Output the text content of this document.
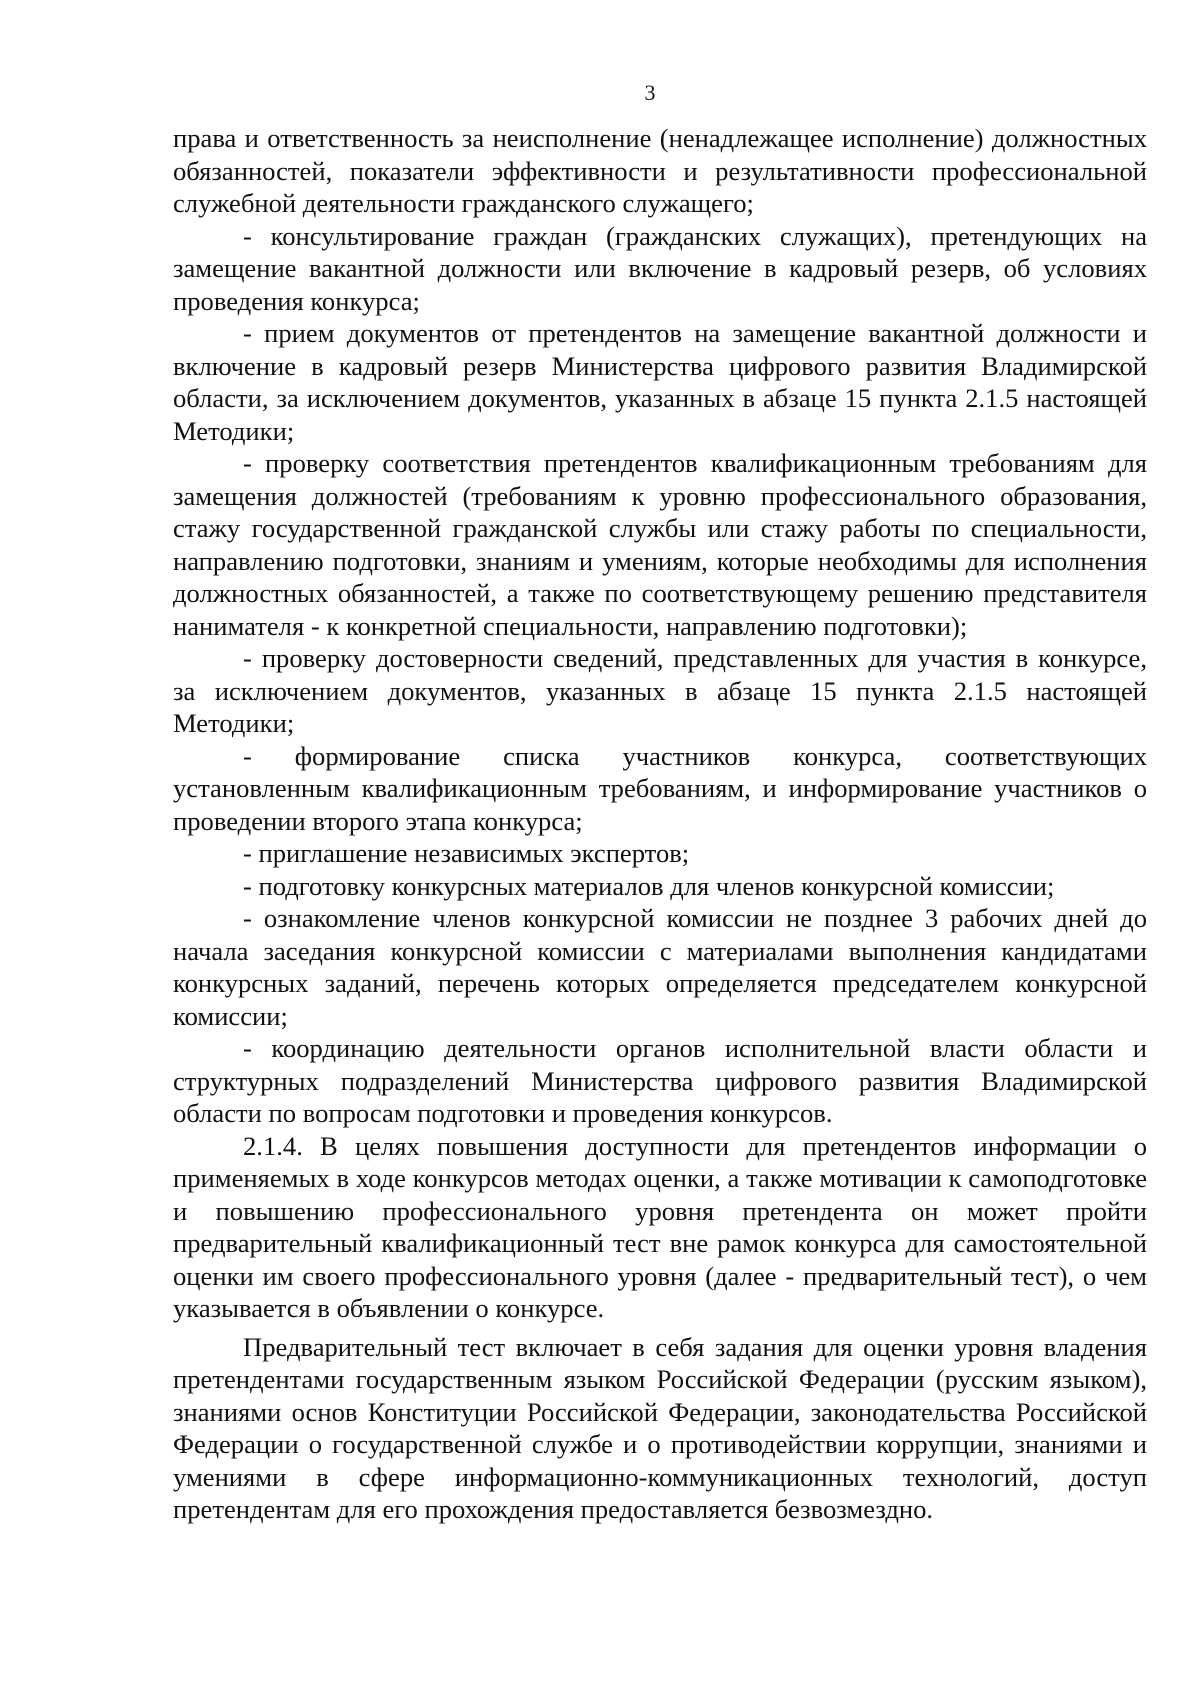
3

права и ответственность за неисполнение (ненадлежащее исполнение) должностных обязанностей, показатели эффективности и результативности профессиональной служебной деятельности гражданского служащего;

- консультирование граждан (гражданских служащих), претендующих на замещение вакантной должности или включение в кадровый резерв, об условиях проведения конкурса;

- прием документов от претендентов на замещение вакантной должности и включение в кадровый резерв Министерства цифрового развития Владимирской области, за исключением документов, указанных в абзаце 15 пункта 2.1.5 настоящей Методики;

- проверку соответствия претендентов квалификационным требованиям для замещения должностей (требованиям к уровню профессионального образования, стажу государственной гражданской службы или стажу работы по специальности, направлению подготовки, знаниям и умениям, которые необходимы для исполнения должностных обязанностей, а также по соответствующему решению представителя нанимателя - к конкретной специальности, направлению подготовки);

- проверку достоверности сведений, представленных для участия в конкурсе, за исключением документов, указанных в абзаце 15 пункта 2.1.5 настоящей Методики;

- формирование списка участников конкурса, соответствующих установленным квалификационным требованиям, и информирование участников о проведении второго этапа конкурса;

- приглашение независимых экспертов;

- подготовку конкурсных материалов для членов конкурсной комиссии;

- ознакомление членов конкурсной комиссии не позднее 3 рабочих дней до начала заседания конкурсной комиссии с материалами выполнения кандидатами конкурсных заданий, перечень которых определяется председателем конкурсной комиссии;

- координацию деятельности органов исполнительной власти области и структурных подразделений Министерства цифрового развития Владимирской области по вопросам подготовки и проведения конкурсов.

2.1.4. В целях повышения доступности для претендентов информации о применяемых в ходе конкурсов методах оценки, а также мотивации к самоподготовке и повышению профессионального уровня претендента он может пройти предварительный квалификационный тест вне рамок конкурса для самостоятельной оценки им своего профессионального уровня (далее - предварительный тест), о чем указывается в объявлении о конкурсе.

Предварительный тест включает в себя задания для оценки уровня владения претендентами государственным языком Российской Федерации (русским языком), знаниями основ Конституции Российской Федерации, законодательства Российской Федерации о государственной службе и о противодействии коррупции, знаниями и умениями в сфере информационно-коммуникационных технологий, доступ претендентам для его прохождения предоставляется безвозмездно.
